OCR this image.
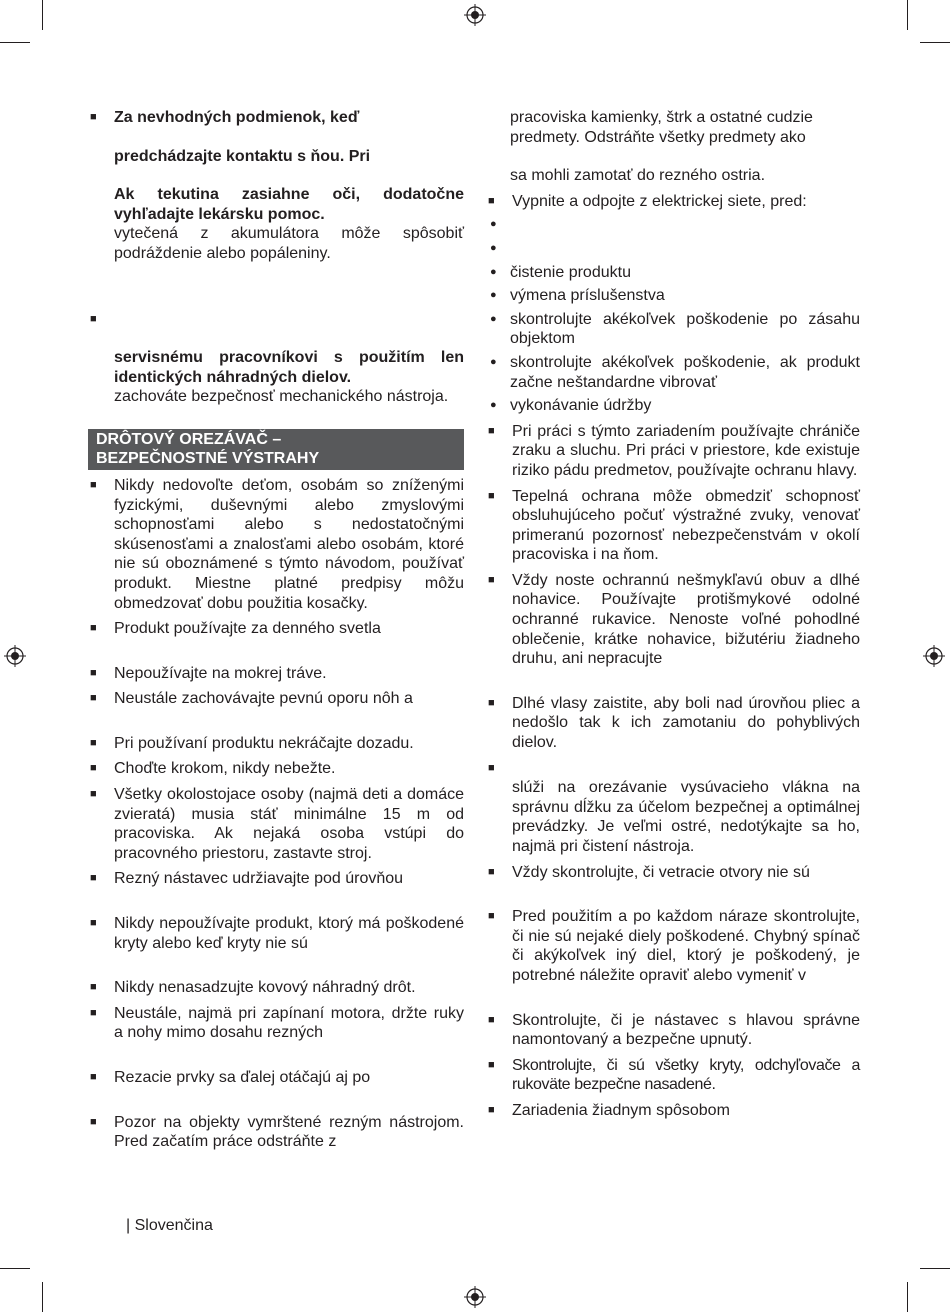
■ Za nevhodných podmienok, keď

predchádzajte kontaktu s ňou. Pri

Ak tekutina zasiahne oči, dodatočne vyhľadajte lekársku pomoc.

vytečená z akumulátora môže spôsobiť podráždenie alebo popáleniny.

■

servisnému pracovníkovi s použitím len identických náhradných dielov.

zachováte bezpečnosť mechanického nástroja.

DRÔTOVÝ OREZÁVAČ –
BEZPEČNOSTNÉ VÝSTRAHY
■ Nikdy nedovoľte deťom, osobám so zníženými fyzickými, duševnými alebo zmyslovými schopnosťami alebo s nedostatočnými skúsenosťami a znalosťami alebo osobám, ktoré nie sú oboznámené s týmto návodom, používať produkt. Miestne platné predpisy môžu obmedzovať dobu použitia kosačky.

■ Produkt používajte za denného svetla

■ Nepoužívajte na mokrej tráve.

■ Neustále zachovávajte pevnú oporu nôh a

■ Pri používaní produktu nekráčajte dozadu.

■ Choďte krokom, nikdy nebežte.

■ Všetky okolostojace osoby (najmä deti a domáce zvieratá) musia stáť minimálne 15 m od pracoviska. Ak nejaká osoba vstúpi do pracovného priestoru, zastavte stroj.

■ Rezný nástavec udržiavajte pod úrovňou

■ Nikdy nepoužívajte produkt, ktorý má poškodené kryty alebo keď kryty nie sú

■ Nikdy nenasadzujte kovový náhradný drôt.

■ Neustále, najmä pri zapínaní motora, držte ruky a nohy mimo dosahu rezných

■ Rezacie prvky sa ďalej otáčajú aj po

■ Pozor na objekty vymrštené rezným nástrojom. Pred začatím práce odstráňte z

pracoviska kamienky, štrk a ostatné cudzie predmety. Odstráňte všetky predmety ako

sa mohli zamotať do rezného ostria.

■ Vypnite a odpojte z elektrickej siete, pred:

●

●

● čistenie produktu

● výmena príslušenstva

● skontrolujte akékoľvek poškodenie po zásahu objektom

● skontrolujte akékoľvek poškodenie, ak produkt začne neštandardne vibrovať

● vykonávanie údržby

■ Pri práci s týmto zariadením používajte chrániče zraku a sluchu. Pri práci v priestore, kde existuje riziko pádu predmetov, používajte ochranu hlavy.

■ Tepelná ochrana môže obmedziť schopnosť obsluhujúceho počuť výstražné zvuky, venovať primeranú pozornosť nebezpečenstvám v okolí pracoviska i na ňom.

■ Vždy noste ochrannú nešmykľavú obuv a dlhé nohavice. Používajte protišmykové odolné ochranné rukavice. Nenoste voľné pohodlné oblečenie, krátke nohavice, bižutériu žiadneho druhu, ani nepracujte

■ Dlhé vlasy zaistite, aby boli nad úrovňou pliec a nedošlo tak k ich zamotaniu do pohyblivých dielov.

■

slúži na orezávanie vysúvacieho vlákna na správnu dĺžku za účelom bezpečnej a optimálnej prevádzky. Je veľmi ostré, nedotýkajte sa ho, najmä pri čistení nástroja.

■ Vždy skontrolujte, či vetracie otvory nie sú

■ Pred použitím a po každom náraze skontrolujte, či nie sú nejaké diely poškodené. Chybný spínač či akýkoľvek iný diel, ktorý je poškodený, je potrebné náležite opraviť alebo vymeniť v

■ Skontrolujte, či je nástavec s hlavou správne namontovaný a bezpečne upnutý.

■ Skontrolujte, či sú všetky kryty, odchyľovače a rukoväte bezpečne nasadené.

■ Zariadenia žiadnym spôsobom

| Slovenčina
